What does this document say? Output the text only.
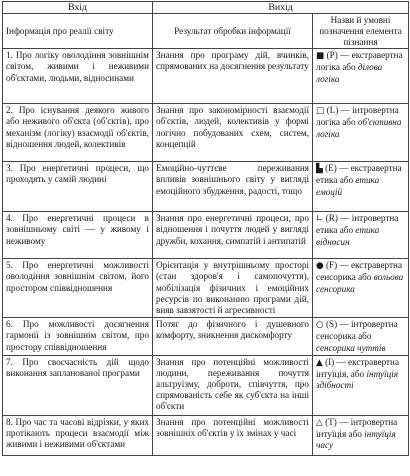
Вхід	Вихід	
Інформація про реалії світу	Результат обробки інформації	Назви й умовні позначення елемента пізнання
1. Про логіку оволодіння зовнішнім світом, живими і неживими об'єктами, людьми, відносинами	Знання про програму дій, вчинків, спрямованих на досягнення результату	■ (Р) — екстравертна логіка або ділова логіка
2. Про існування деякого живого або неживого об'єкта (об'єктів), про механізм (логіку) взаємодії об'єктів, відношення людей, колективів	Знання про закономірності взаємодії об'єктів, людей, колективів у формі логічно побудованих схем, систем, концепцій	□ (L) — інтровертна логіка або об'єктивна логіка
3. Про енергетичні процеси, що проходять у самій людині	Емоційно-чуттєве переживання впливів зовнішнього світу у вигляді емоційного збудження, радості, тощо	▙ (Е) — екстравертна етика або етика емоцій
4. Про енергетичні процеси в зовнішньому світі — у живому і неживому	Знання про енергетичні процеси, про відношення і почуття людей у вигляді дружби, кохання, симпатій і антипатій	∟ (R) — інтровертна етика або етика відносин
5. Про енергетичні можливості оволодіння зовнішнім світом, його простором співвідношення	Орієнтація у внутрішньому просторі (стан здоров'я і самопочуття), мобілізація фізичних і емоційних ресурсів по виконанню програми дій, вияв завзятості й агресивності	● (F) — екстравертна сенсорика або вольова сенсорика
6. Про можливості досягнення гармонії із зовнішнім світом, про простору співвідношення	Потяг до фізичного і душевного комфорту, зникнення дискомфорту	○ (S) — інтровертна сенсорика або сенсорика чуттів
7. Про своєчасність дій щодо виконання запланованої програми	Знання про потенційні можливості людини, переживання почуття альтруїзму, доброти, співчуття, про спрямованість себе як суб'єкта на інші об'єкти	▲ (І) — екстравертна інтуїція, або інтуїція здібності
8. Про час та часові відрізки, у яких протікають процеси взаємодії між живими і неживими об'єктами	Знання про потенційні можливості зовнішніх об'єктів у їх змінах у часі	△ (Т) — інтровертна інтуїція або інтуїція часу
